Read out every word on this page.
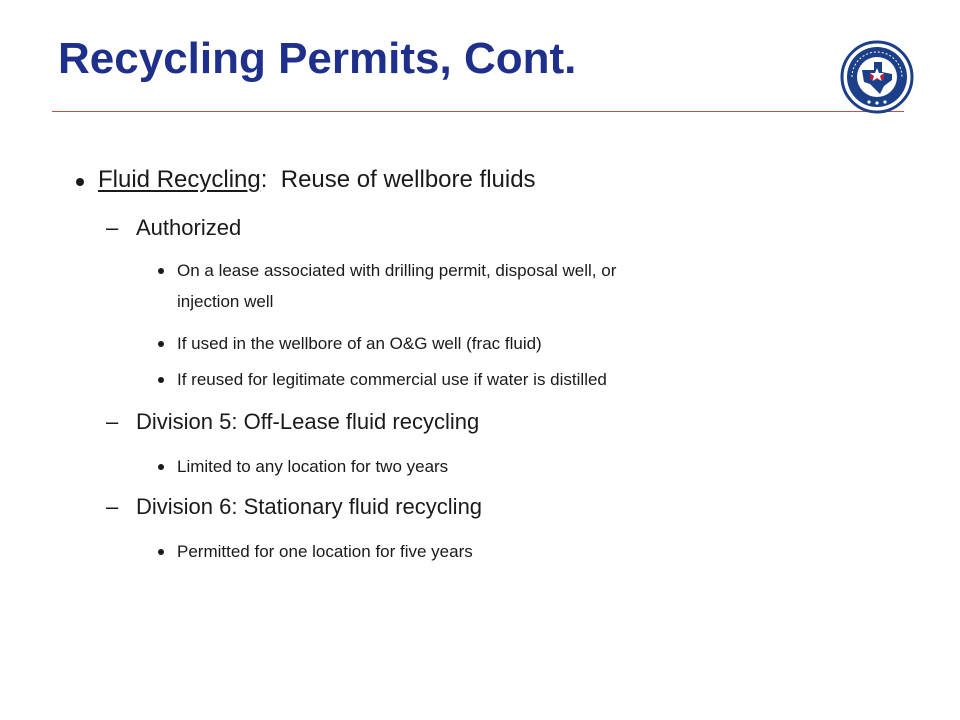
Recycling Permits, Cont.
Fluid Recycling: Reuse of wellbore fluids
– Authorized
On a lease associated with drilling permit, disposal well, or
injection well
If used in the wellbore of an O&G well (frac fluid)
If reused for legitimate commercial use if water is distilled
– Division 5: Off-Lease fluid recycling
Limited to any location for two years
– Division 6: Stationary fluid recycling
Permitted for one location for five years
